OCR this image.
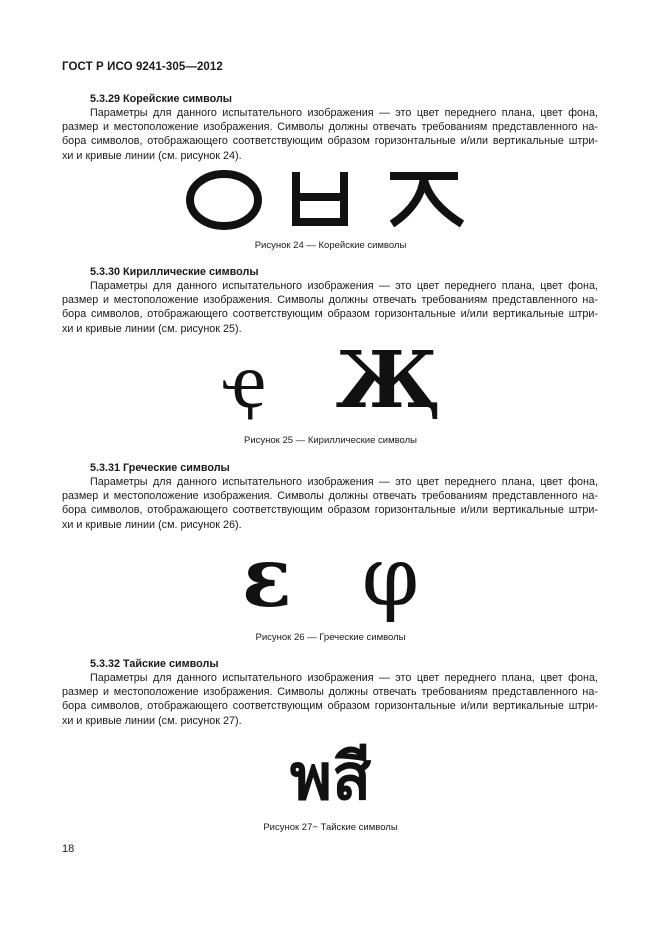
ГОСТ Р ИСО 9241-305—2012
5.3.29 Корейские символы

Параметры для данного испытательного изображения — это цвет переднего плана, цвет фона,
размер и местоположение изображения. Символы должны отвечать требованиям представленного на-
бора символов, отображающего соответствующим образом горизонтальные и/или вертикальные штри-
хи и кривые линии (см. рисунок 24).

Рисунок 24 — Корейские символы
5.3.30 Кириллические символы

Параметры для данного испытательного изображения — это цвет переднего плана, цвет фона,
размер и местоположение изображения. Символы должны отвечать требованиям представленного на-
бора символов, отображающего соответствующим образом горизонтальные и/или вертикальные штри-
хи и кривые линии (см. рисунок 25).

ҿ Җ
Рисунок 25 — Кириллические символы
5.3.31 Греческие символы

Параметры для данного испытательного изображения — это цвет переднего плана, цвет фона,
размер и местоположение изображения. Символы должны отвечать требованиям представленного на-
бора символов, отображающего соответствующим образом горизонтальные и/или вертикальные штри-
хи и кривые линии (см. рисунок 26).

ε φ
Рисунок 26 — Греческие символы
5.3.32 Тайские символы

Параметры для данного испытательного изображения — это цвет переднего плана, цвет фона,
размер и местоположение изображения. Символы должны отвечать требованиям представленного на-
бора символов, отображающего соответствующим образом горизонтальные и/или вертикальные штри-
хи и кривые линии (см. рисунок 27).

พสี
Рисунок 27− Тайские символы
18
